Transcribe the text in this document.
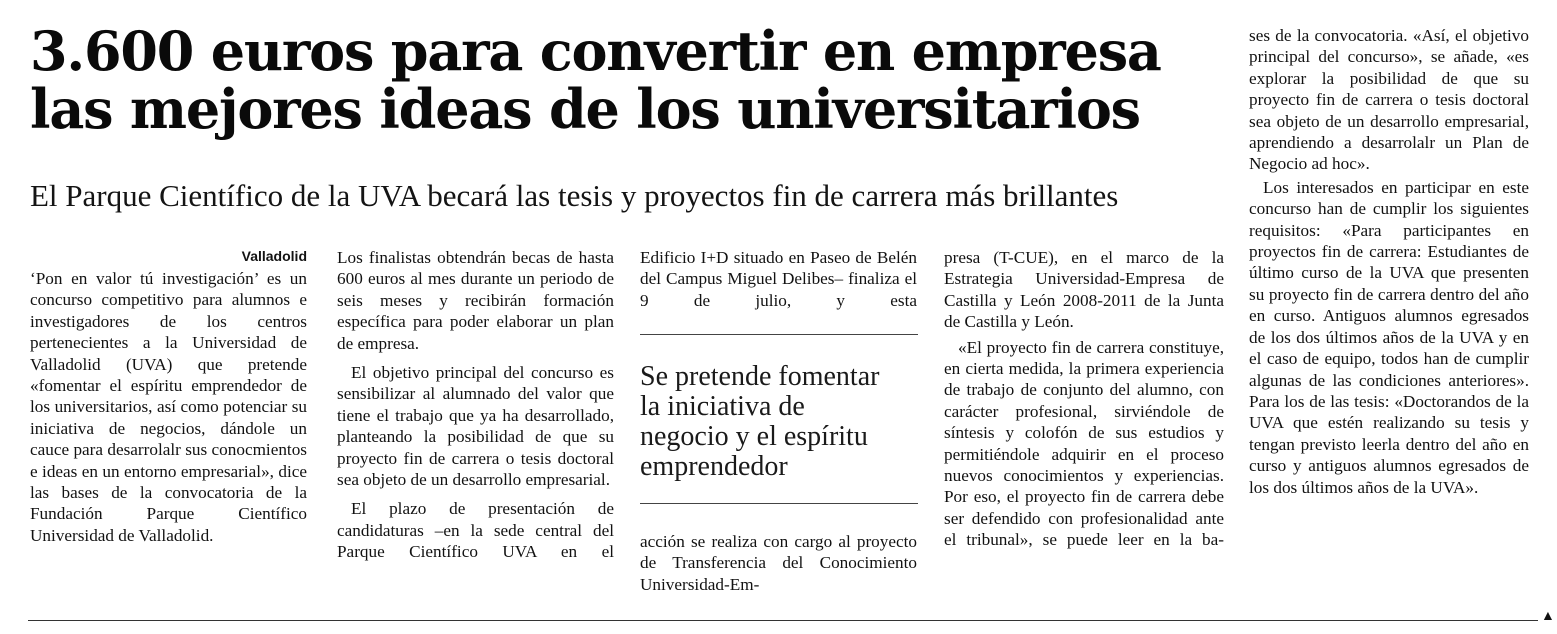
3.600 euros para convertir en empresa
las mejores ideas de los universitarios
El Parque Científico de la UVA becará las tesis y proyectos fin de carrera más brillantes
Valladolid

‘Pon en valor tú investigación’ es un concurso competitivo para alumnos e investigadores de los centros pertenecientes a la Universidad de Valladolid (UVA) que pretende «fomentar el espíritu emprendedor de los universitarios, así como potenciar su iniciativa de negocios, dándole un cauce para desarrolalr sus conocmientos e ideas en un entorno empresarial», dice las bases de la convocatoria de la Fundación Parque Científico Universidad de Valladolid.

Los finalistas obtendrán becas de hasta 600 euros al mes durante un periodo de seis meses y recibirán formación específica para poder elaborar un plan de empresa.

El objetivo principal del concurso es sensibilizar al alumnado del valor que tiene el trabajo que ya ha desarrollado, planteando la posibilidad de que su proyecto fin de carrera o tesis doctoral sea objeto de un desarrollo empresarial.

El plazo de presentación de candidaturas –en la sede central del Parque Científico UVA en el

Edificio I+D situado en Paseo de Belén del Campus Miguel Delibes– finaliza el 9 de julio, y esta

Se pretende fomentar
la iniciativa de
negocio y el espíritu
emprendedor

acción se realiza con cargo al proyecto de Transferencia del Conocimiento Universidad-Em-

presa (T-CUE), en el marco de la Estrategia Universidad-Empresa de Castilla y León 2008-2011 de la Junta de Castilla y León.

«El proyecto fin de carrera constituye, en cierta medida, la primera experiencia de trabajo de conjunto del alumno, con carácter profesional, sirviéndole de síntesis y colofón de sus estudios y permitiéndole adquirir en el proceso nuevos conocimientos y experiencias. Por eso, el proyecto fin de carrera debe ser defendido con profesionalidad ante el tribunal», se puede leer en la ba-

ses de la convocatoria. «Así, el objetivo principal del concurso», se añade, «es explorar la posibilidad de que su proyecto fin de carrera o tesis doctoral sea objeto de un desarrollo empresarial, aprendiendo a desarrolalr un Plan de Negocio ad hoc».

Los interesados en participar en este concurso han de cumplir los siguientes requisitos: «Para participantes en proyectos fin de carrera: Estudiantes de último curso de la UVA que presenten su proyecto fin de carrera dentro del año en curso. Antiguos alumnos egresados de los dos últimos años de la UVA y en el caso de equipo, todos han de cumplir algunas de las condiciones anteriores». Para los de las tesis: «Doctorandos de la UVA que estén realizando su tesis y tengan previsto leerla dentro del año en curso y antiguos alumnos egresados de los dos últimos años de la UVA».

▲
